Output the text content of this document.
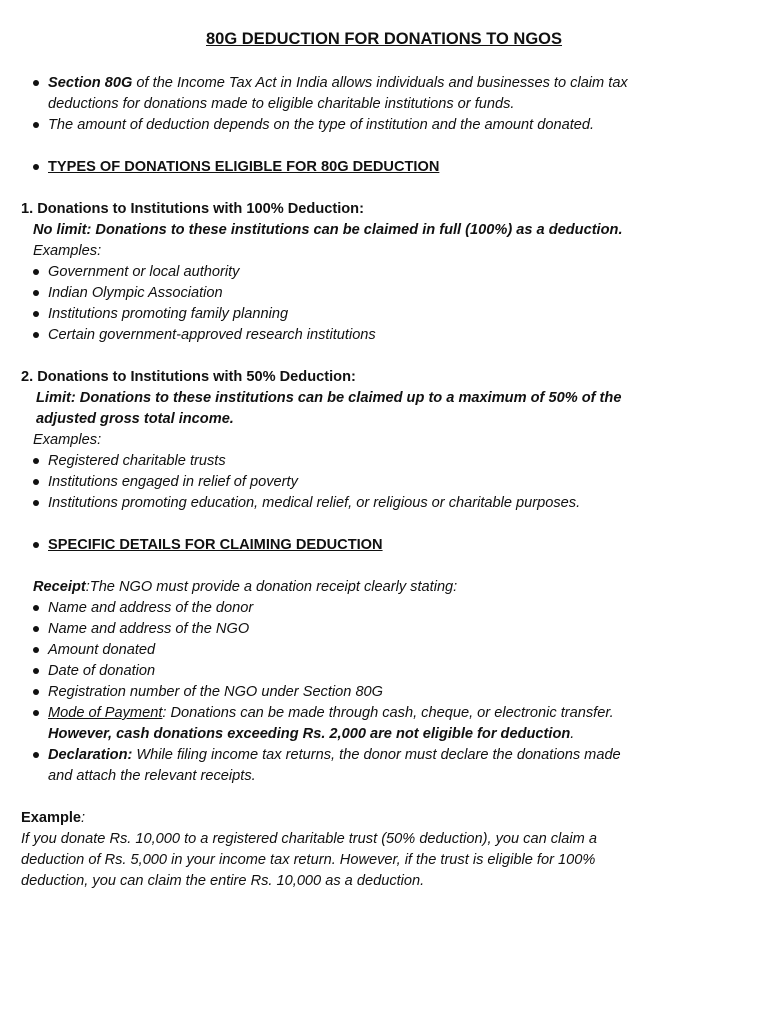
80G DEDUCTION FOR DONATIONS TO NGOS
Section 80G of the Income Tax Act in India allows individuals and businesses to claim tax
deductions for donations made to eligible charitable institutions or funds.
The amount of deduction depends on the type of institution and the amount donated.
TYPES OF DONATIONS ELIGIBLE FOR 80G DEDUCTION
1. Donations to Institutions with 100% Deduction:
No limit: Donations to these institutions can be claimed in full (100%) as a deduction.
Examples:
Government or local authority
Indian Olympic Association
Institutions promoting family planning
Certain government-approved research institutions
2. Donations to Institutions with 50% Deduction:
Limit: Donations to these institutions can be claimed up to a maximum of 50% of the
adjusted gross total income.
Examples:
Registered charitable trusts
Institutions engaged in relief of poverty
Institutions promoting education, medical relief, or religious or charitable purposes.
SPECIFIC DETAILS FOR CLAIMING DEDUCTION
Receipt:The NGO must provide a donation receipt clearly stating:
Name and address of the donor
Name and address of the NGO
Amount donated
Date of donation
Registration number of the NGO under Section 80G
Mode of Payment: Donations can be made through cash, cheque, or electronic transfer.
However, cash donations exceeding Rs. 2,000 are not eligible for deduction.
Declaration: While filing income tax returns, the donor must declare the donations made
and attach the relevant receipts.
Example:
If you donate Rs. 10,000 to a registered charitable trust (50% deduction), you can claim a
deduction of Rs. 5,000 in your income tax return. However, if the trust is eligible for 100%
deduction, you can claim the entire Rs. 10,000 as a deduction.
